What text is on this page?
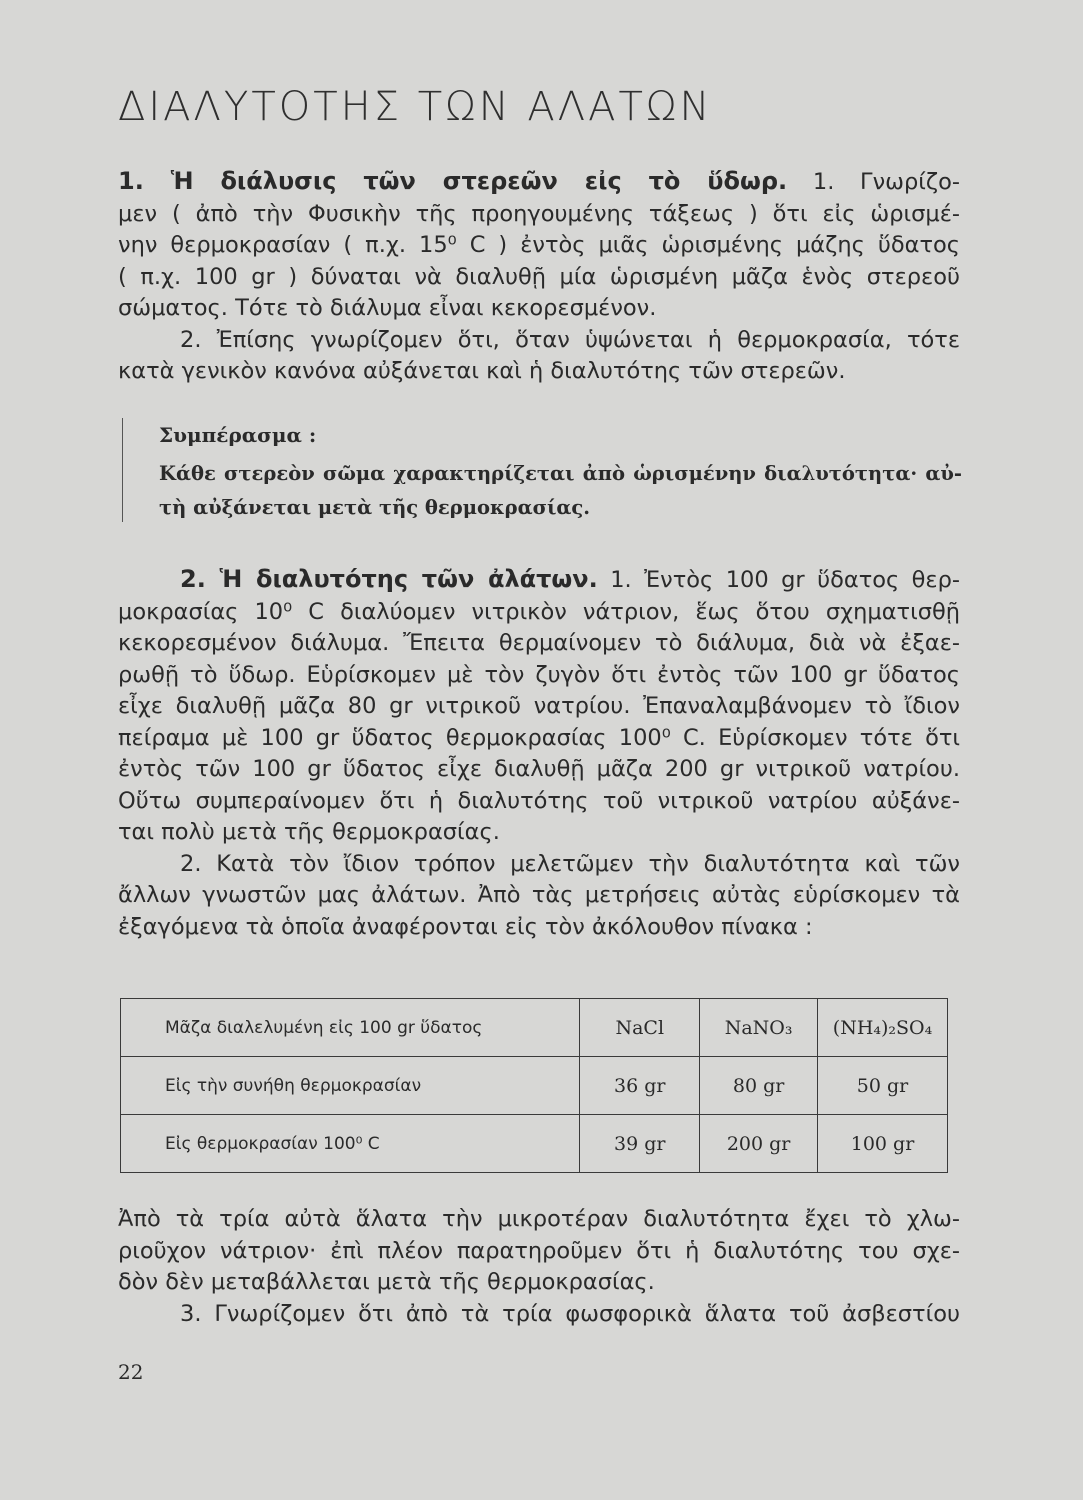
ΔΙΑΛΥΤΟΤΗΣ ΤΩΝ ΑΛΑΤΩΝ
1. Ἡ διάλυσις τῶν στερεῶν εἰς τὸ ὕδωρ. 1. Γνωρίζο-
μεν ( ἀπὸ τὴν Φυσικὴν τῆς προηγουμένης τάξεως ) ὅτι εἰς ὡρισμέ-
νην θερμοκρασίαν ( π.χ. 15⁰ C ) ἐντὸς μιᾶς ὡρισμένης μάζης ὕδατος
( π.χ. 100 gr ) δύναται νὰ διαλυθῇ μία ὡρισμένη μᾶζα ἑνὸς στερεοῦ
σώματος. Τότε τὸ διάλυμα εἶναι κεκορεσμένον.
2. Ἐπίσης γνωρίζομεν ὅτι, ὅταν ὑψώνεται ἡ θερμοκρασία, τότε
κατὰ γενικὸν κανόνα αὐξάνεται καὶ ἡ διαλυτότης τῶν στερεῶν.
Συμπέρασμα :
Κάθε στερεὸν σῶμα χαρακτηρίζεται ἀπὸ ὡρισμένην διαλυτότητα· αὐ-
τὴ αὐξάνεται μετὰ τῆς θερμοκρασίας.
2. Ἡ διαλυτότης τῶν ἀλάτων. 1. Ἐντὸς 100 gr ὕδατος θερ-
μοκρασίας 10⁰ C διαλύομεν νιτρικὸν νάτριον, ἕως ὅτου σχηματισθῇ
κεκορεσμένον διάλυμα. Ἔπειτα θερμαίνομεν τὸ διάλυμα, διὰ νὰ ἐξαε-
ρωθῇ τὸ ὕδωρ. Εὑρίσκομεν μὲ τὸν ζυγὸν ὅτι ἐντὸς τῶν 100 gr ὕδατος
εἶχε διαλυθῇ μᾶζα 80 gr νιτρικοῦ νατρίου. Ἐπαναλαμβάνομεν τὸ ἴδιον
πείραμα μὲ 100 gr ὕδατος θερμοκρασίας 100⁰ C. Εὑρίσκομεν τότε ὅτι
ἐντὸς τῶν 100 gr ὕδατος εἶχε διαλυθῇ μᾶζα 200 gr νιτρικοῦ νατρίου.
Οὕτω συμπεραίνομεν ὅτι ἡ διαλυτότης τοῦ νιτρικοῦ νατρίου αὐξάνε-
ται πολὺ μετὰ τῆς θερμοκρασίας.
2. Κατὰ τὸν ἴδιον τρόπον μελετῶμεν τὴν διαλυτότητα καὶ τῶν
ἄλλων γνωστῶν μας ἀλάτων. Ἀπὸ τὰς μετρήσεις αὐτὰς εὑρίσκομεν τὰ
ἐξαγόμενα τὰ ὁποῖα ἀναφέρονται εἰς τὸν ἀκόλουθον πίνακα :
Μᾶζα διαλελυμένη εἰς 100 gr ὕδατος	NaCl	NaNO₃	(NH₄)₂SO₄
Εἰς τὴν συνήθη θερμοκρασίαν	36 gr	80 gr	50 gr
Εἰς θερμοκρασίαν 100⁰ C	39 gr	200 gr	100 gr
Ἀπὸ τὰ τρία αὐτὰ ἅλατα τὴν μικροτέραν διαλυτότητα ἔχει τὸ χλω-
ριοῦχον νάτριον· ἐπὶ πλέον παρατηροῦμεν ὅτι ἡ διαλυτότης του σχε-
δὸν δὲν μεταβάλλεται μετὰ τῆς θερμοκρασίας.
3. Γνωρίζομεν ὅτι ἀπὸ τὰ τρία φωσφορικὰ ἅλατα τοῦ ἀσβεστίου
22
